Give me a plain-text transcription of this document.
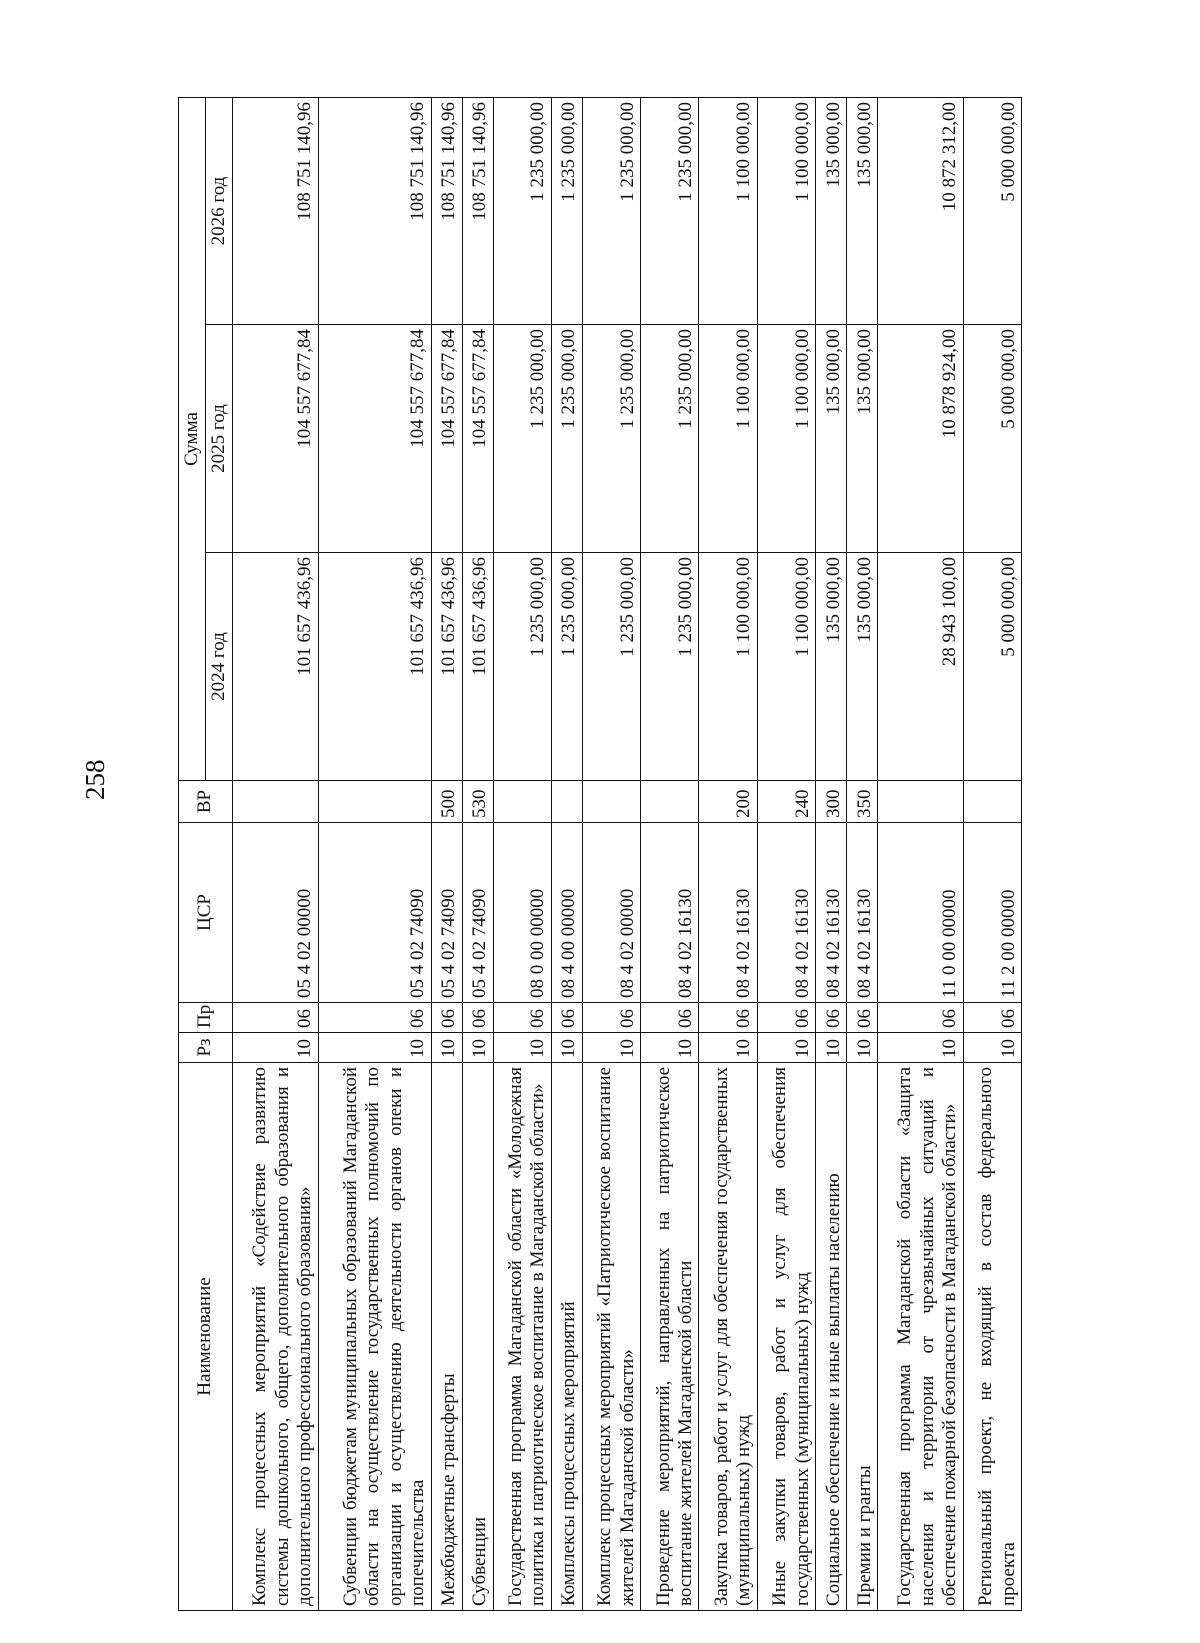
258
Наименование	Рз	Пр	ЦСР	ВР	Сумма		
					2024 год	2025 год	2026 год
Комплекс процессных мероприятий «Содействие развитию системы дошкольного, общего, дополнительного образования и дополнительного профессионального образования»	10	06	05 4 02 00000		101 657 436,96	104 557 677,84	108 751 140,96
Субвенции бюджетам муниципальных образований Магаданской области на осуществление государственных полномочий по организации и осуществлению деятельности органов опеки и попечительства	10	06	05 4 02 74090		101 657 436,96	104 557 677,84	108 751 140,96
Межбюджетные трансферты	10	06	05 4 02 74090	500	101 657 436,96	104 557 677,84	108 751 140,96
Субвенции	10	06	05 4 02 74090	530	101 657 436,96	104 557 677,84	108 751 140,96
Государственная программа Магаданской области «Молодежная политика и патриотическое воспитание в Магаданской области»	10	06	08 0 00 00000		1 235 000,00	1 235 000,00	1 235 000,00
Комплексы процессных мероприятий	10	06	08 4 00 00000		1 235 000,00	1 235 000,00	1 235 000,00
Комплекс процессных мероприятий «Патриотическое воспитание жителей Магаданской области»	10	06	08 4 02 00000		1 235 000,00	1 235 000,00	1 235 000,00
Проведение мероприятий, направленных на патриотическое воспитание жителей Магаданской области	10	06	08 4 02 16130		1 235 000,00	1 235 000,00	1 235 000,00
Закупка товаров, работ и услуг для обеспечения государственных (муниципальных) нужд	10	06	08 4 02 16130	200	1 100 000,00	1 100 000,00	1 100 000,00
Иные закупки товаров, работ и услуг для обеспечения государственных (муниципальных) нужд	10	06	08 4 02 16130	240	1 100 000,00	1 100 000,00	1 100 000,00
Социальное обеспечение и иные выплаты населению	10	06	08 4 02 16130	300	135 000,00	135 000,00	135 000,00
Премии и гранты	10	06	08 4 02 16130	350	135 000,00	135 000,00	135 000,00
Государственная программа Магаданской области «Защита населения и территории от чрезвычайных ситуаций и обеспечение пожарной безопасности в Магаданской области»	10	06	11 0 00 00000		28 943 100,00	10 878 924,00	10 872 312,00
Региональный проект, не входящий в состав федерального проекта	10	06	11 2 00 00000		5 000 000,00	5 000 000,00	5 000 000,00
